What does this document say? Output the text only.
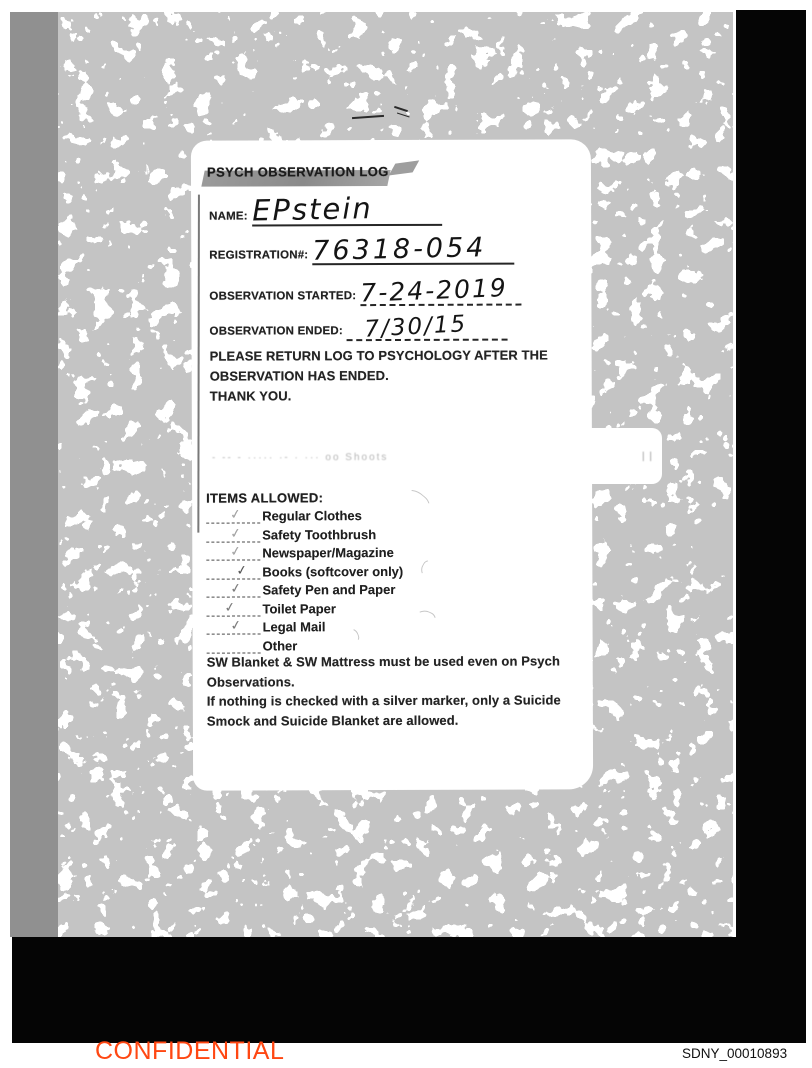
PSYCH OBSERVATION LOG
NAME: EPstein
REGISTRATION#: 76318-054
OBSERVATION STARTED: 7-24-2019
OBSERVATION ENDED: 7/30/15
PLEASE RETURN LOG TO PSYCHOLOGY AFTER THE
OBSERVATION HAS ENDED.
THANK YOU.
- -- - ····· ·- · ··· oo Shoots	| |
ITEMS ALLOWED:
✓ Regular Clothes
✓ Safety Toothbrush
✓ Newspaper/Magazine
✓ Books (softcover only)
✓ Safety Pen and Paper
✓ Toilet Paper
✓ Legal Mail
Other
SW Blanket & SW Mattress must be used even on Psych
Observations.
If nothing is checked with a silver marker, only a Suicide
Smock and Suicide Blanket are allowed.
CONFIDENTIAL	SDNY_00010893
